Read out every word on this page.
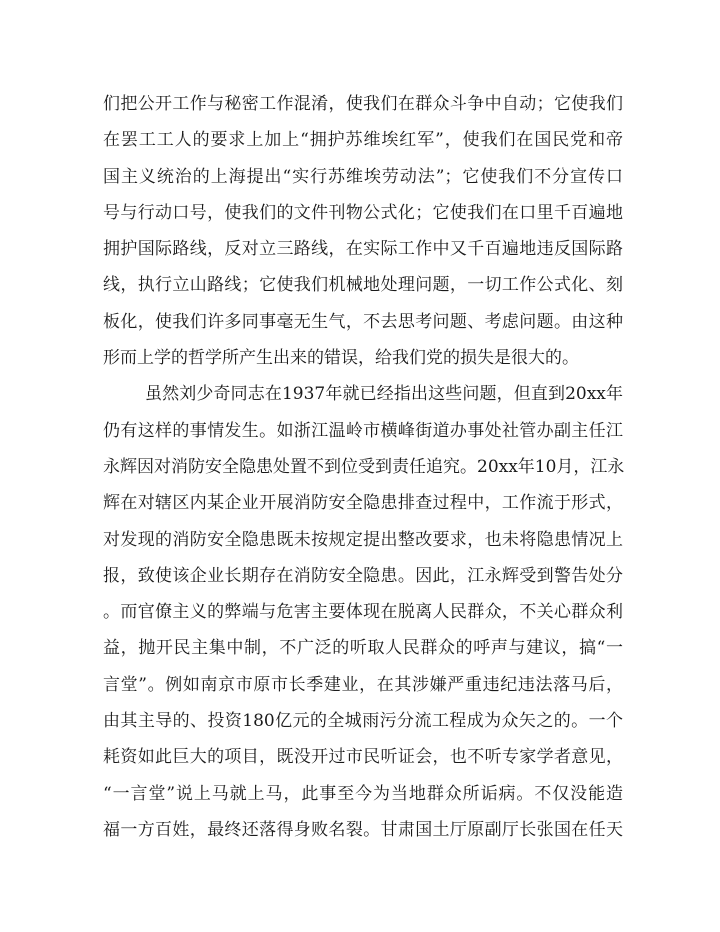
们把公开工作与秘密工作混淆，使我们在群众斗争中自动；它使我们
在罢工工人的要求上加上“拥护苏维埃红军”，使我们在国民党和帝
国主义统治的上海提出“实行苏维埃劳动法”；它使我们不分宣传口
号与行动口号，使我们的文件刊物公式化；它使我们在口里千百遍地
拥护国际路线，反对立三路线，在实际工作中又千百遍地违反国际路
线，执行立山路线；它使我们机械地处理问题，一切工作公式化、刻
板化，使我们许多同事毫无生气，不去思考问题、考虑问题。由这种
形而上学的哲学所产生出来的错误，给我们党的损失是很大的。
虽然刘少奇同志在1937年就已经指出这些问题，但直到20xx年
仍有这样的事情发生。如浙江温岭市横峰街道办事处社管办副主任江
永辉因对消防安全隐患处置不到位受到责任追究。20xx年10月，江永
辉在对辖区内某企业开展消防安全隐患排查过程中，工作流于形式，
对发现的消防安全隐患既未按规定提出整改要求，也未将隐患情况上
报，致使该企业长期存在消防安全隐患。因此，江永辉受到警告处分
。而官僚主义的弊端与危害主要体现在脱离人民群众，不关心群众利
益，抛开民主集中制，不广泛的听取人民群众的呼声与建议，搞“一
言堂”。例如南京市原市长季建业，在其涉嫌严重违纪违法落马后，
由其主导的、投资180亿元的全城雨污分流工程成为众矢之的。一个
耗资如此巨大的项目，既没开过市民听证会，也不听专家学者意见，
“一言堂”说上马就上马，此事至今为当地群众所诟病。不仅没能造
福一方百姓，最终还落得身败名裂。甘肃国土厅原副厅长张国在任天
